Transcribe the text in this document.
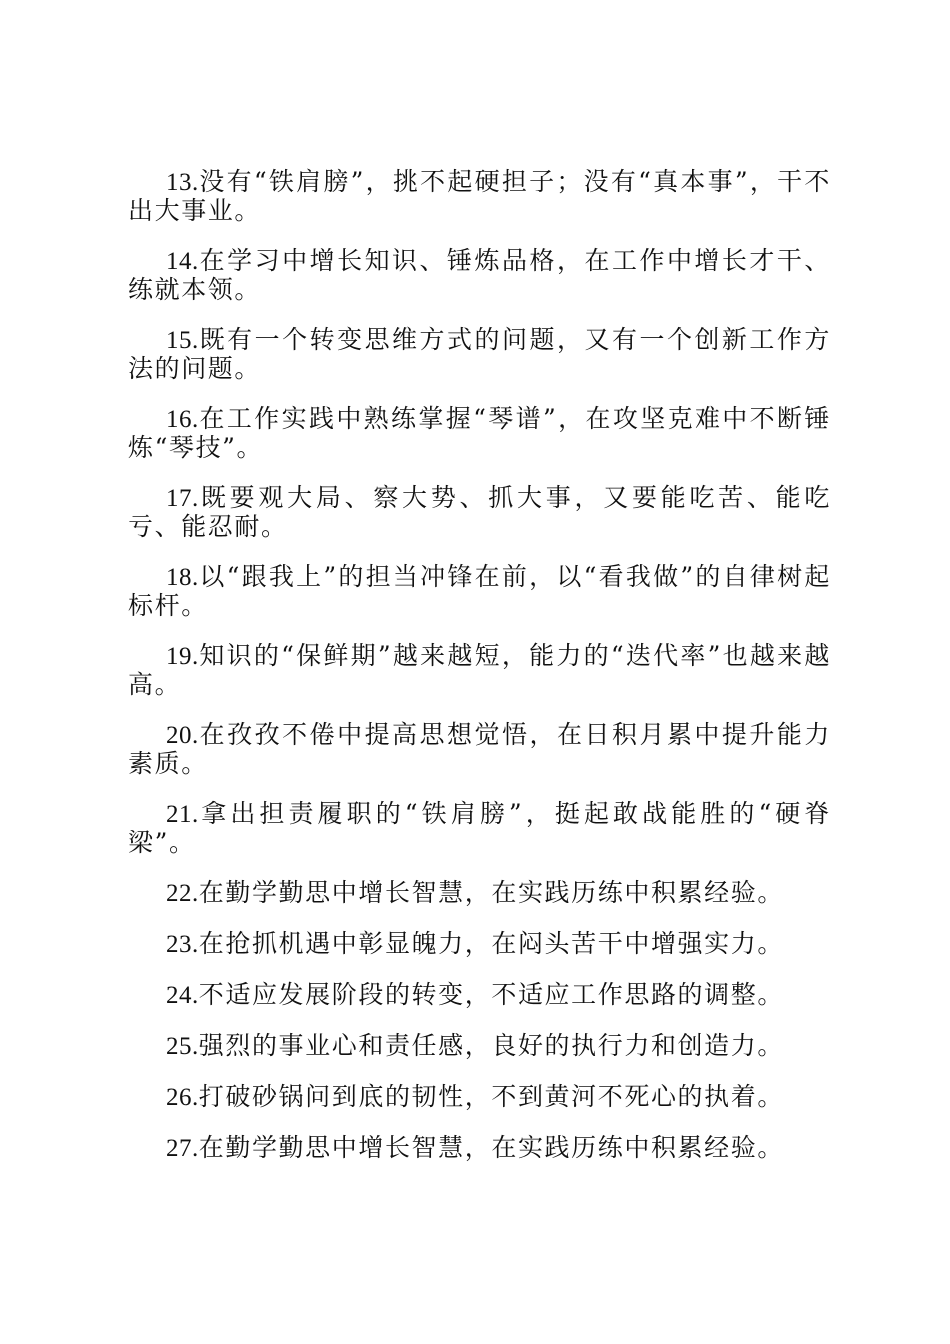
13.没有“铁肩膀”，挑不起硬担子；没有“真本事”，干不出大事业。

14.在学习中增长知识、锤炼品格，在工作中增长才干、练就本领。

15.既有一个转变思维方式的问题，又有一个创新工作方法的问题。

16.在工作实践中熟练掌握“琴谱”，在攻坚克难中不断锤炼“琴技”。

17.既要观大局、察大势、抓大事，又要能吃苦、能吃亏、能忍耐。

18.以“跟我上”的担当冲锋在前，以“看我做”的自律树起标杆。

19.知识的“保鲜期”越来越短，能力的“迭代率”也越来越高。

20.在孜孜不倦中提高思想觉悟，在日积月累中提升能力素质。

21.拿出担责履职的“铁肩膀”，挺起敢战能胜的“硬脊梁”。

22.在勤学勤思中增长智慧，在实践历练中积累经验。

23.在抢抓机遇中彰显魄力，在闷头苦干中增强实力。

24.不适应发展阶段的转变，不适应工作思路的调整。

25.强烈的事业心和责任感，良好的执行力和创造力。

26.打破砂锅问到底的韧性，不到黄河不死心的执着。

27.在勤学勤思中增长智慧，在实践历练中积累经验。
